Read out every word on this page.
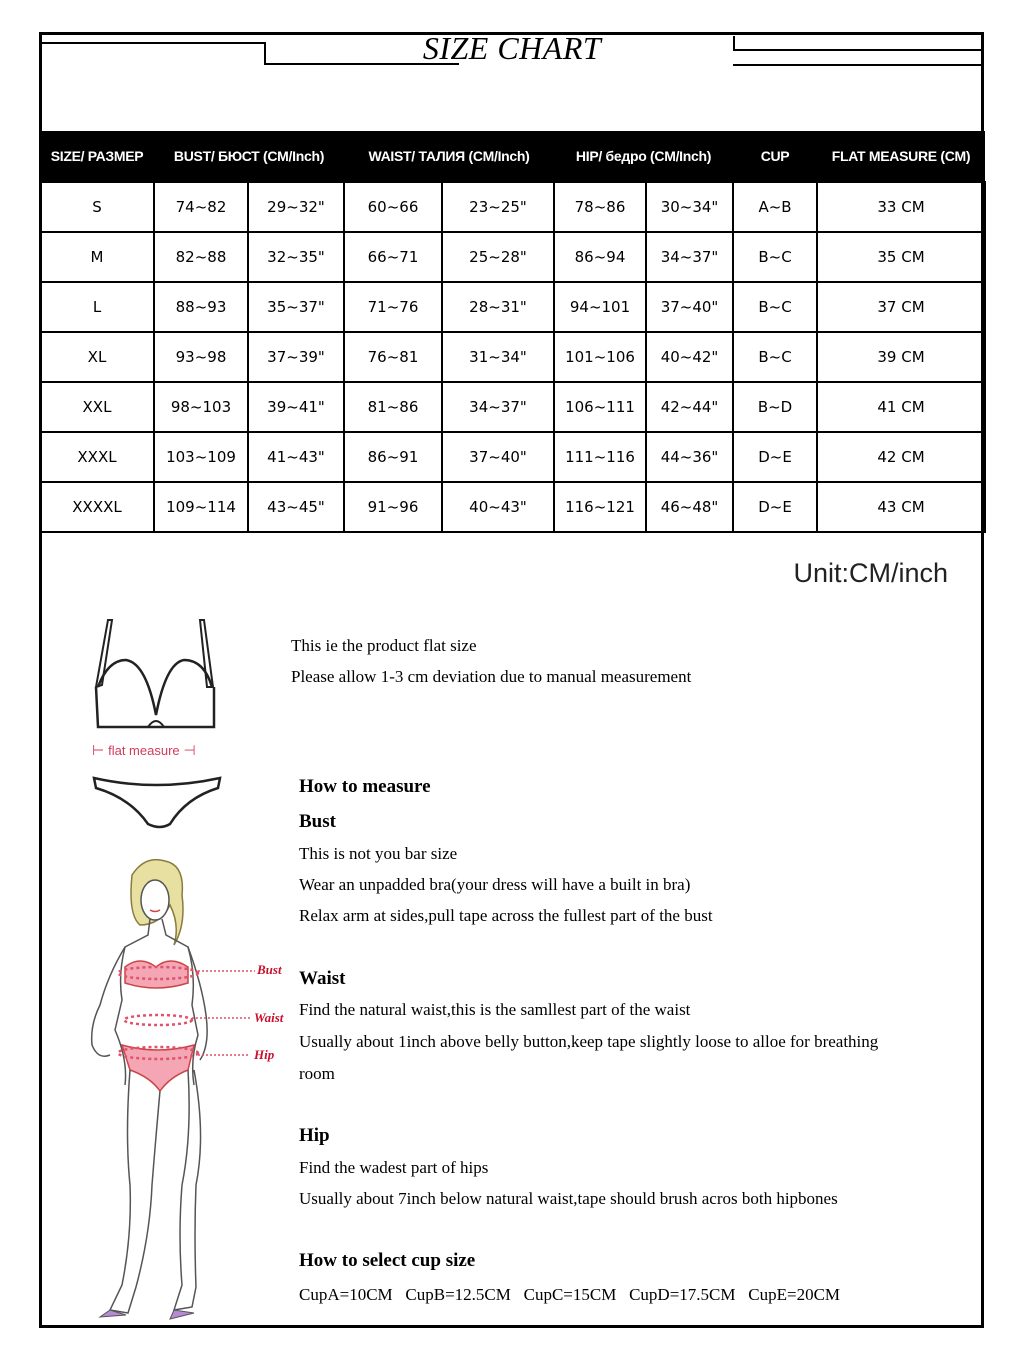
SIZE CHART
SIZE/ РАЗМЕР	BUST/ БЮСТ (CM/Inch)		WAIST/ ТАЛИЯ (CM/Inch)		HIP/ бедро (CM/Inch)		CUP	FLAT MEASURE (CM)
S	74~82	29~32"	60~66	23~25"	78~86	30~34"	A~B	33 CM
M	82~88	32~35"	66~71	25~28"	86~94	34~37"	B~C	35 CM
L	88~93	35~37"	71~76	28~31"	94~101	37~40"	B~C	37 CM
XL	93~98	37~39"	76~81	31~34"	101~106	40~42"	B~C	39 CM
XXL	98~103	39~41"	81~86	34~37"	106~111	42~44"	B~D	41 CM
XXXL	103~109	41~43"	86~91	37~40"	111~116	44~36"	D~E	42 CM
XXXXL	109~114	43~45"	91~96	40~43"	116~121	46~48"	D~E	43 CM
Unit:CM/inch
⊢ flat measure ⊣
This ie the product flat size
Please allow 1-3 cm deviation due to manual measurement
Bust
Waist
Hip
How to measure
Bust
This is not you bar size
Wear an unpadded bra(your dress will have a built in bra)
Relax arm at sides,pull tape across the fullest part of the bust
Waist
Find the natural waist,this is the samllest part of the waist
Usually about 1inch above belly button,keep tape slightly loose to alloe for breathing
room
Hip
Find the wadest part of hips
Usually about 7inch below natural waist,tape should brush acros both hipbones
How to select cup size
CupA=10CM   CupB=12.5CM   CupC=15CM   CupD=17.5CM   CupE=20CM
